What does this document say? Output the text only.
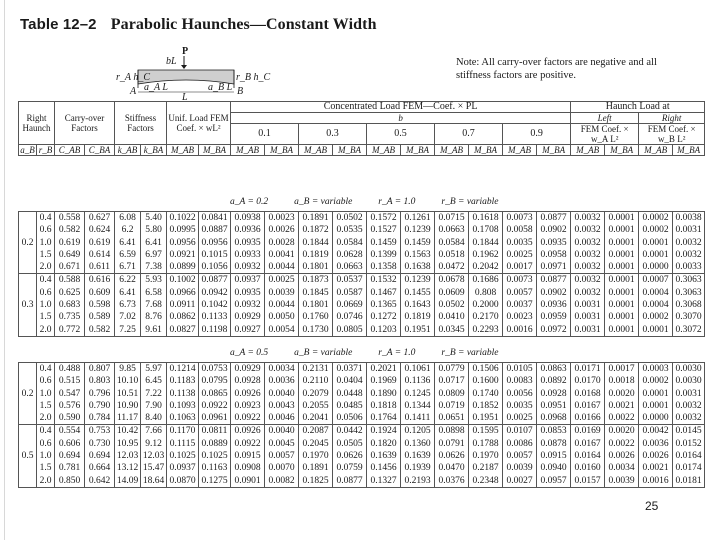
Table 12–2 Parabolic Haunches—Constant Width
P
bL
r_A h_C	r_B h_C
a_A L	a_B L
L
A	B
Note: All carry-over factors are negative and all stiffness factors are positive.
Right Haunch		Carry-over Factors		Stiffness Factors		Unif. Load FEM Coef. × wL²		Concentrated Load FEM—Coef. × PL										Haunch Load at			
								b										Left		Right	
																		FEM Coef. × w_A L²		FEM Coef. × w_B L²	
								0.1		0.3		0.5		0.7		0.9					
a_B	r_B	C_AB	C_BA	k_AB	k_BA	M_AB	M_BA	M_AB	M_BA	M_AB	M_BA	M_AB	M_BA	M_AB	M_BA	M_AB	M_BA	M_AB	M_BA	M_AB	M_BA
a_A = 0.2	a_B = variable	r_A = 1.0	r_B = variable
0.2	0.4	0.558	0.627	6.08	5.40	0.1022	0.0841	0.0938	0.0023	0.1891	0.0502	0.1572	0.1261	0.0715	0.1618	0.0073	0.0877	0.0032	0.0001	0.0002	0.0038
	0.6	0.582	0.624	6.2	5.80	0.0995	0.0887	0.0936	0.0026	0.1872	0.0535	0.1527	0.1239	0.0663	0.1708	0.0058	0.0902	0.0032	0.0001	0.0002	0.0031
	1.0	0.619	0.619	6.41	6.41	0.0956	0.0956	0.0935	0.0028	0.1844	0.0584	0.1459	0.1459	0.0584	0.1844	0.0035	0.0935	0.0032	0.0001	0.0001	0.0032
	1.5	0.649	0.614	6.59	6.97	0.0921	0.1015	0.0933	0.0041	0.1819	0.0628	0.1399	0.1563	0.0518	0.1962	0.0025	0.0958	0.0032	0.0001	0.0001	0.0032
	2.0	0.671	0.611	6.71	7.38	0.0899	0.1056	0.0932	0.0044	0.1801	0.0663	0.1358	0.1638	0.0472	0.2042	0.0017	0.0971	0.0032	0.0001	0.0000	0.0033
0.3	0.4	0.588	0.616	6.22	5.93	0.1002	0.0877	0.0937	0.0025	0.1873	0.0537	0.1532	0.1239	0.0678	0.1686	0.0073	0.0877	0.0032	0.0001	0.0007	0.3063
	0.6	0.625	0.609	6.41	6.58	0.0966	0.0942	0.0935	0.0039	0.1845	0.0587	0.1467	0.1455	0.0609	0.808	0.0057	0.0902	0.0032	0.0001	0.0004	0.3063
	1.0	0.683	0.598	6.73	7.68	0.0911	0.1042	0.0932	0.0044	0.1801	0.0669	0.1365	0.1643	0.0502	0.2000	0.0037	0.0936	0.0031	0.0001	0.0004	0.3068
	1.5	0.735	0.589	7.02	8.76	0.0862	0.1133	0.0929	0.0050	0.1760	0.0746	0.1272	0.1819	0.0410	0.2170	0.0023	0.0959	0.0031	0.0001	0.0002	0.3070
	2.0	0.772	0.582	7.25	9.61	0.0827	0.1198	0.0927	0.0054	0.1730	0.0805	0.1203	0.1951	0.0345	0.2293	0.0016	0.0972	0.0031	0.0001	0.0001	0.3072
a_A = 0.5	a_B = variable	r_A = 1.0	r_B = variable
0.2	0.4	0.488	0.807	9.85	5.97	0.1214	0.0753	0.0929	0.0034	0.2131	0.0371	0.2021	0.1061	0.0779	0.1506	0.0105	0.0863	0.0171	0.0017	0.0003	0.0030
	0.6	0.515	0.803	10.10	6.45	0.1183	0.0795	0.0928	0.0036	0.2110	0.0404	0.1969	0.1136	0.0717	0.1600	0.0083	0.0892	0.0170	0.0018	0.0002	0.0030
	1.0	0.547	0.796	10.51	7.22	0.1138	0.0865	0.0926	0.0040	0.2079	0.0448	0.1890	0.1245	0.0809	0.1740	0.0056	0.0928	0.0168	0.0020	0.0001	0.0031
	1.5	0.576	0.790	10.90	7.90	0.1093	0.0922	0.0923	0.0043	0.2055	0.0485	0.1818	0.1344	0.0719	0.1852	0.0035	0.0951	0.0167	0.0021	0.0001	0.0032
	2.0	0.590	0.784	11.17	8.40	0.1063	0.0961	0.0922	0.0046	0.2041	0.0506	0.1764	0.1411	0.0651	0.1951	0.0025	0.0968	0.0166	0.0022	0.0000	0.0032
0.5	0.4	0.554	0.753	10.42	7.66	0.1170	0.0811	0.0926	0.0040	0.2087	0.0442	0.1924	0.1205	0.0898	0.1595	0.0107	0.0853	0.0169	0.0020	0.0042	0.0145
	0.6	0.606	0.730	10.95	9.12	0.1115	0.0889	0.0922	0.0045	0.2045	0.0505	0.1820	0.1360	0.0791	0.1788	0.0086	0.0878	0.0167	0.0022	0.0036	0.0152
	1.0	0.694	0.694	12.03	12.03	0.1025	0.1025	0.0915	0.0057	0.1970	0.0626	0.1639	0.1639	0.0626	0.1970	0.0057	0.0915	0.0164	0.0026	0.0026	0.0164
	1.5	0.781	0.664	13.12	15.47	0.0937	0.1163	0.0908	0.0070	0.1891	0.0759	0.1456	0.1939	0.0470	0.2187	0.0039	0.0940	0.0160	0.0034	0.0021	0.0174
	2.0	0.850	0.642	14.09	18.64	0.0870	0.1275	0.0901	0.0082	0.1825	0.0877	0.1327	0.2193	0.0376	0.2348	0.0027	0.0957	0.0157	0.0039	0.0016	0.0181
25
